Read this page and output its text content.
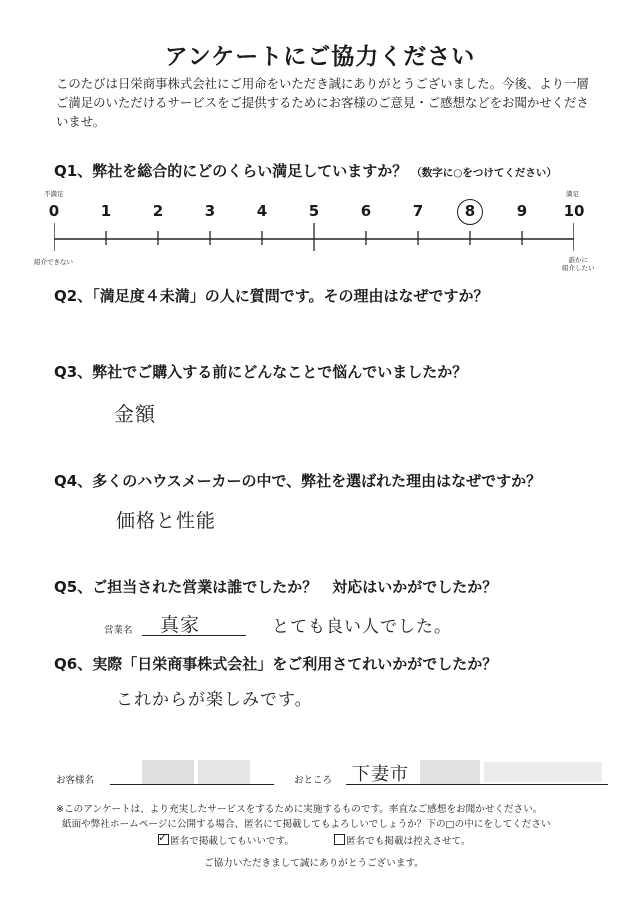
アンケートにご協力ください
このたびは日栄商事株式会社にご用命をいただき誠にありがとうございました。今後、より一層ご満足のいただけるサービスをご提供するためにお客様のご意見・ご感想などをお聞かせくださいませ。
Q1、弊社を総合的にどのくらい満足していますか？ （数字に○をつけてください）
不満足	満足
0	1	2	3	4	5	6	7	8	9	10
紹介できない	誰かに
紹介したい
Q2、「満足度４未満」の人に質問です。その理由はなぜですか？
Q3、弊社でご購入する前にどんなことで悩んでいましたか？
金額
Q4、多くのハウスメーカーの中で、弊社を選ばれた理由はなぜですか？
価格と性能
Q5、ご担当された営業は誰でしたか？　対応はいかがでしたか？
営業名 真家	とても良い人でした。
Q6、実際「日栄商事株式会社」をご利用さてれいかがでしたか？
これからが楽しみです。
お客様名	おところ 下妻市
※このアンケートは、より充実したサービスをするために実施するものです。率直なご感想をお聞かせください。
紙面や弊社ホームページに公開する場合、匿名にて掲載してもよろしいでしょうか？下の□の中にをしてください
✓匿名で掲載してもいいです。	匿名でも掲載は控えさせて。
ご協力いただきまして誠にありがとうございます。
